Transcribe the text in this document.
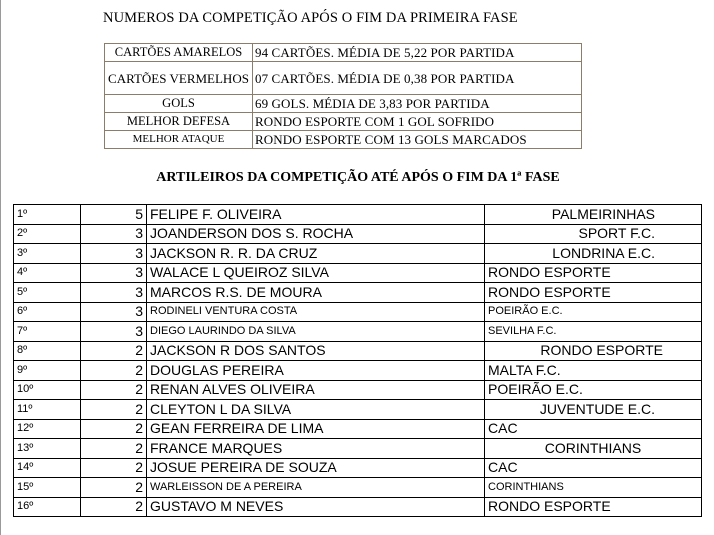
NUMEROS DA COMPETIÇÃO APÓS O FIM DA PRIMEIRA FASE
CARTÕES AMARELOS	94 CARTÕES. MÉDIA DE 5,22 POR PARTIDA
CARTÕES VERMELHOS	07 CARTÕES. MÉDIA DE 0,38 POR PARTIDA
GOLS	69 GOLS. MÉDIA DE 3,83 POR PARTIDA
MELHOR DEFESA	RONDO ESPORTE COM 1 GOL SOFRIDO
MELHOR ATAQUE	RONDO ESPORTE COM 13 GOLS MARCADOS
ARTILEIROS DA COMPETIÇÃO ATÉ APÓS O FIM DA 1ª FASE
1º	5	FELIPE F. OLIVEIRA	PALMEIRINHAS
2º	3	JOANDERSON DOS S. ROCHA	SPORT F.C.
3º	3	JACKSON R. R. DA CRUZ	LONDRINA E.C.
4º	3	WALACE L QUEIROZ SILVA	RONDO ESPORTE
5º	3	MARCOS R.S. DE MOURA	RONDO ESPORTE
6º	3	RODINELI VENTURA COSTA	POEIRÃO E.C.
7º	3	DIEGO LAURINDO DA SILVA	SEVILHA F.C.
8º	2	JACKSON R DOS SANTOS	RONDO ESPORTE
9º	2	DOUGLAS PEREIRA	MALTA F.C.
10º	2	RENAN ALVES OLIVEIRA	POEIRÃO E.C.
11º	2	CLEYTON L DA SILVA	JUVENTUDE E.C.
12º	2	GEAN FERREIRA DE LIMA	CAC
13º	2	FRANCE MARQUES	CORINTHIANS
14º	2	JOSUE PEREIRA DE SOUZA	CAC
15º	2	WARLEISSON DE A PEREIRA	CORINTHIANS
16º	2	GUSTAVO M NEVES	RONDO ESPORTE
